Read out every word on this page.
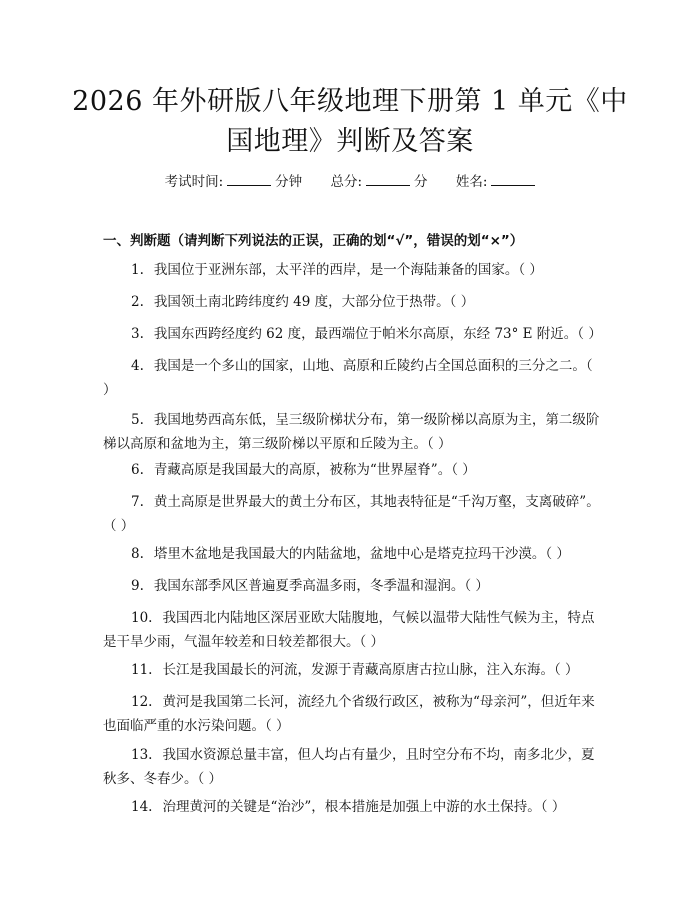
2026 年外研版八年级地理下册第 1 单元《中
国地理》判断及答案
考试时间:	分钟 总分:	分 姓名:
一、判断题（请判断下列说法的正误，正确的划“√”，错误的划“×”）

1. 我国位于亚洲东部，太平洋的西岸，是一个海陆兼备的国家。（ ）

2. 我国领土南北跨纬度约 49 度，大部分位于热带。（ ）

3. 我国东西跨经度约 62 度，最西端位于帕米尔高原，东经 73° E 附近。（ ）

4. 我国是一个多山的国家，山地、高原和丘陵约占全国总面积的三分之二。（ ）

5. 我国地势西高东低，呈三级阶梯状分布，第一级阶梯以高原为主，第二级阶梯以高原和盆地为主，第三级阶梯以平原和丘陵为主。（ ）

6. 青藏高原是我国最大的高原，被称为“世界屋脊”。（ ）

7. 黄土高原是世界最大的黄土分布区，其地表特征是“千沟万壑，支离破碎”。（ ）

8. 塔里木盆地是我国最大的内陆盆地，盆地中心是塔克拉玛干沙漠。（ ）

9. 我国东部季风区普遍夏季高温多雨，冬季温和湿润。（ ）

10. 我国西北内陆地区深居亚欧大陆腹地，气候以温带大陆性气候为主，特点是干旱少雨，气温年较差和日较差都很大。（ ）

11. 长江是我国最长的河流，发源于青藏高原唐古拉山脉，注入东海。（ ）

12. 黄河是我国第二长河，流经九个省级行政区，被称为“母亲河”，但近年来也面临严重的水污染问题。（ ）

13. 我国水资源总量丰富，但人均占有量少，且时空分布不均，南多北少，夏秋多、冬春少。（ ）

14. 治理黄河的关键是“治沙”，根本措施是加强上中游的水土保持。（ ）
